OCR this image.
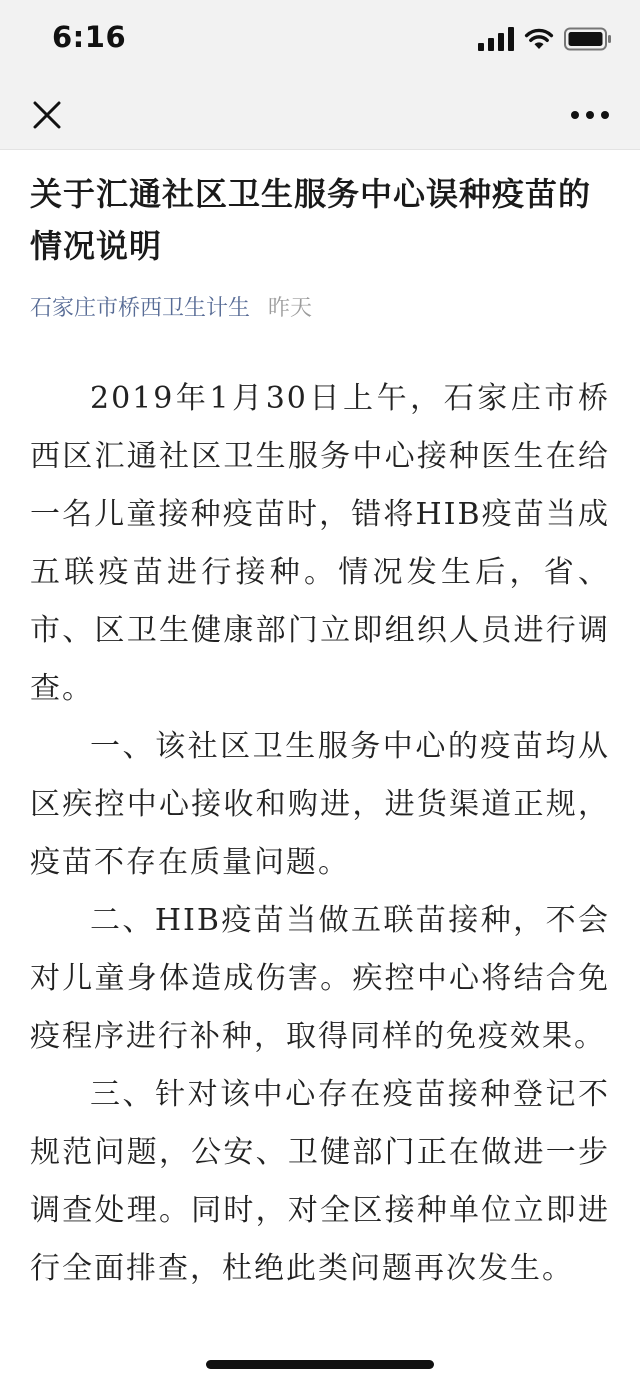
6:16
关于汇通社区卫生服务中心误种疫苗的情况说明
石家庄市桥西卫生计生 昨天

2019年1月30日上午，石家庄市桥西区汇通社区卫生服务中心接种医生在给一名儿童接种疫苗时，错将HIB疫苗当成五联疫苗进行接种。情况发生后，省、市、区卫生健康部门立即组织人员进行调查。

一、该社区卫生服务中心的疫苗均从区疾控中心接收和购进，进货渠道正规，疫苗不存在质量问题。

二、HIB疫苗当做五联苗接种，不会对儿童身体造成伤害。疾控中心将结合免疫程序进行补种，取得同样的免疫效果。

三、针对该中心存在疫苗接种登记不规范问题，公安、卫健部门正在做进一步调查处理。同时，对全区接种单位立即进行全面排查，杜绝此类问题再次发生。
